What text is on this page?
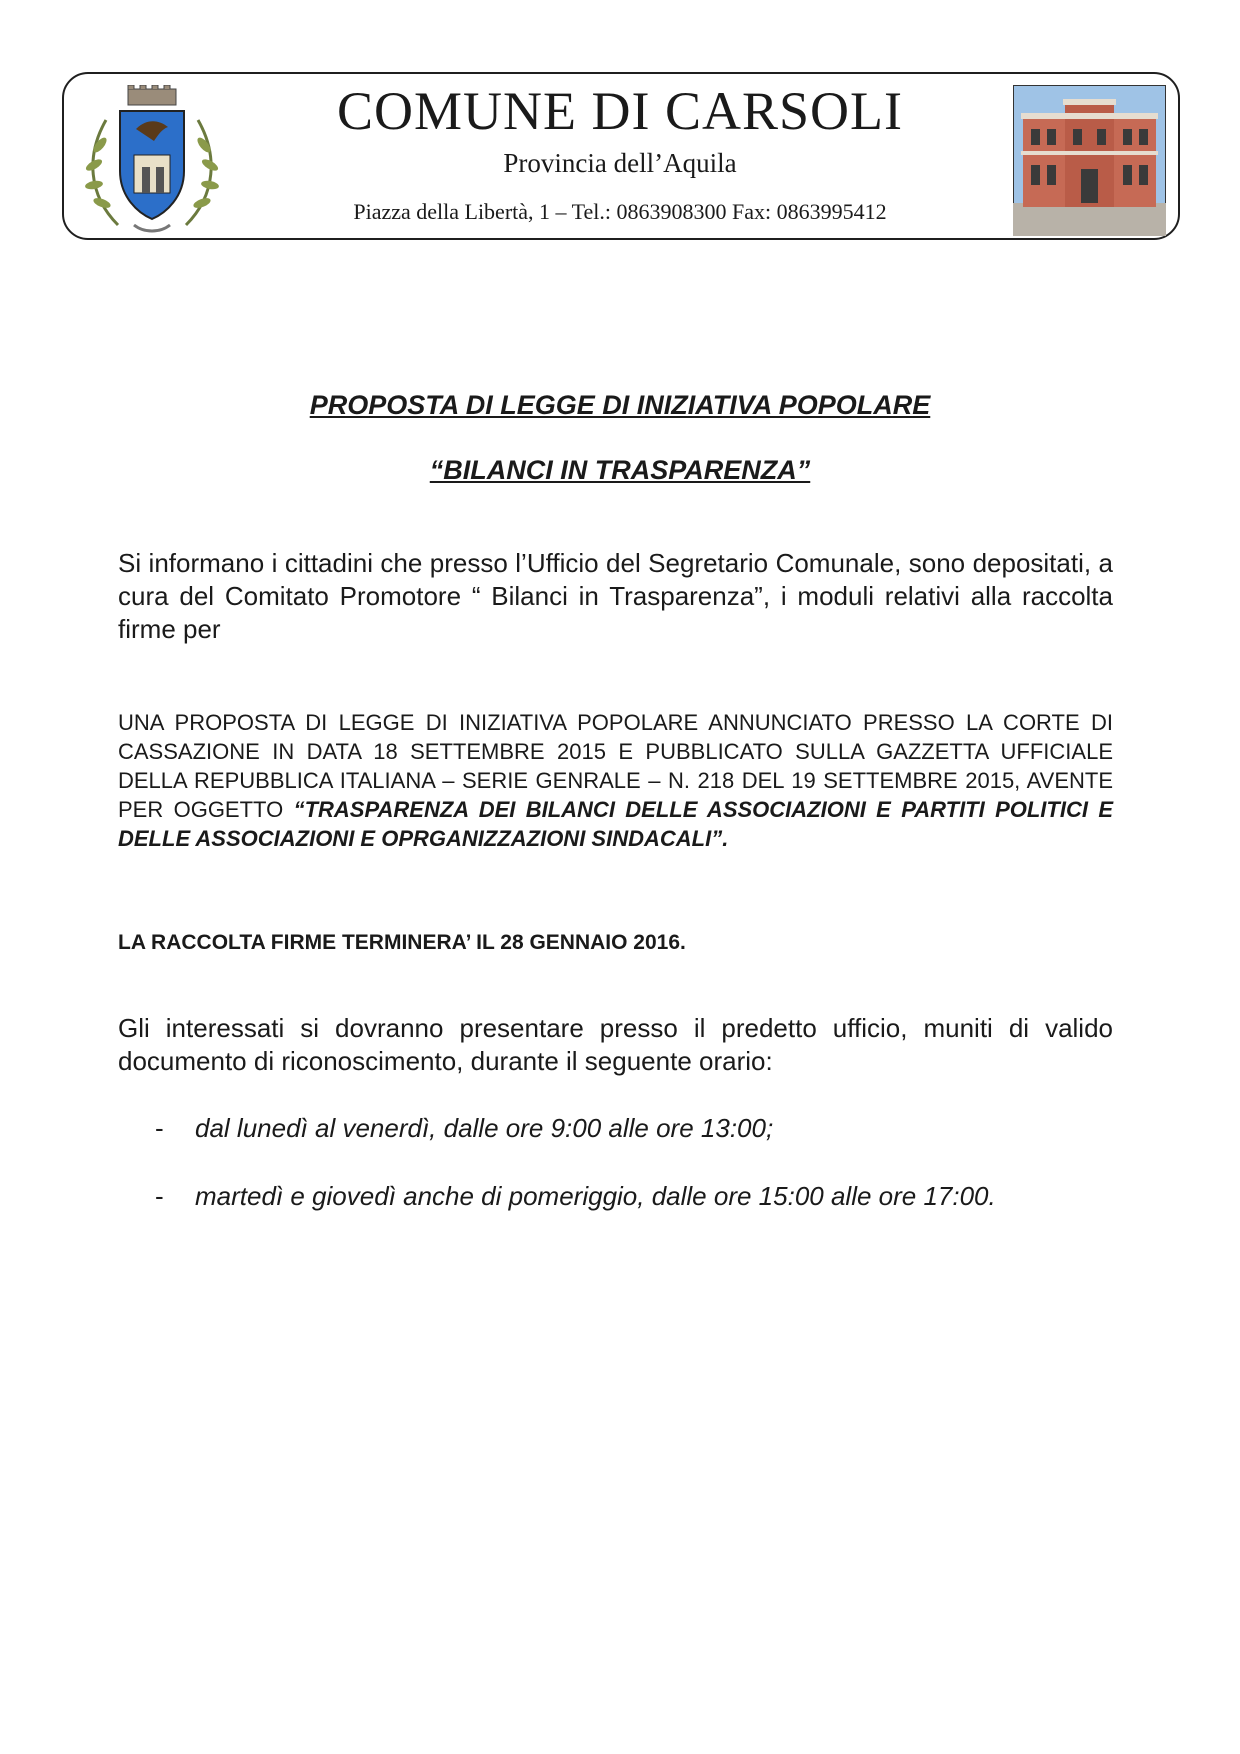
COMUNE DI CARSOLI
Provincia dell’Aquila
Piazza della Libertà, 1 – Tel.: 0863908300 Fax: 0863995412
PROPOSTA DI LEGGE DI INIZIATIVA POPOLARE
“BILANCI IN TRASPARENZA”
Si informano i cittadini che presso l’Ufficio del Segretario Comunale, sono depositati, a cura del Comitato Promotore “ Bilanci in Trasparenza”, i moduli relativi alla raccolta firme per
UNA PROPOSTA DI LEGGE DI INIZIATIVA POPOLARE ANNUNCIATO PRESSO LA CORTE DI CASSAZIONE IN DATA 18 SETTEMBRE 2015 E PUBBLICATO SULLA GAZZETTA UFFICIALE DELLA REPUBBLICA ITALIANA – SERIE GENRALE – N. 218 DEL 19 SETTEMBRE 2015, AVENTE PER OGGETTO “TRASPARENZA DEI BILANCI DELLE ASSOCIAZIONI E PARTITI POLITICI E DELLE ASSOCIAZIONI E OPRGANIZZAZIONI SINDACALI”.
LA RACCOLTA FIRME TERMINERA’ IL 28 GENNAIO 2016.
Gli interessati si dovranno presentare presso il predetto ufficio, muniti di valido documento di riconoscimento, durante il seguente orario:
- dal lunedì al venerdì, dalle ore 9:00 alle ore 13:00;
- martedì e giovedì anche di pomeriggio, dalle ore 15:00 alle ore 17:00.
